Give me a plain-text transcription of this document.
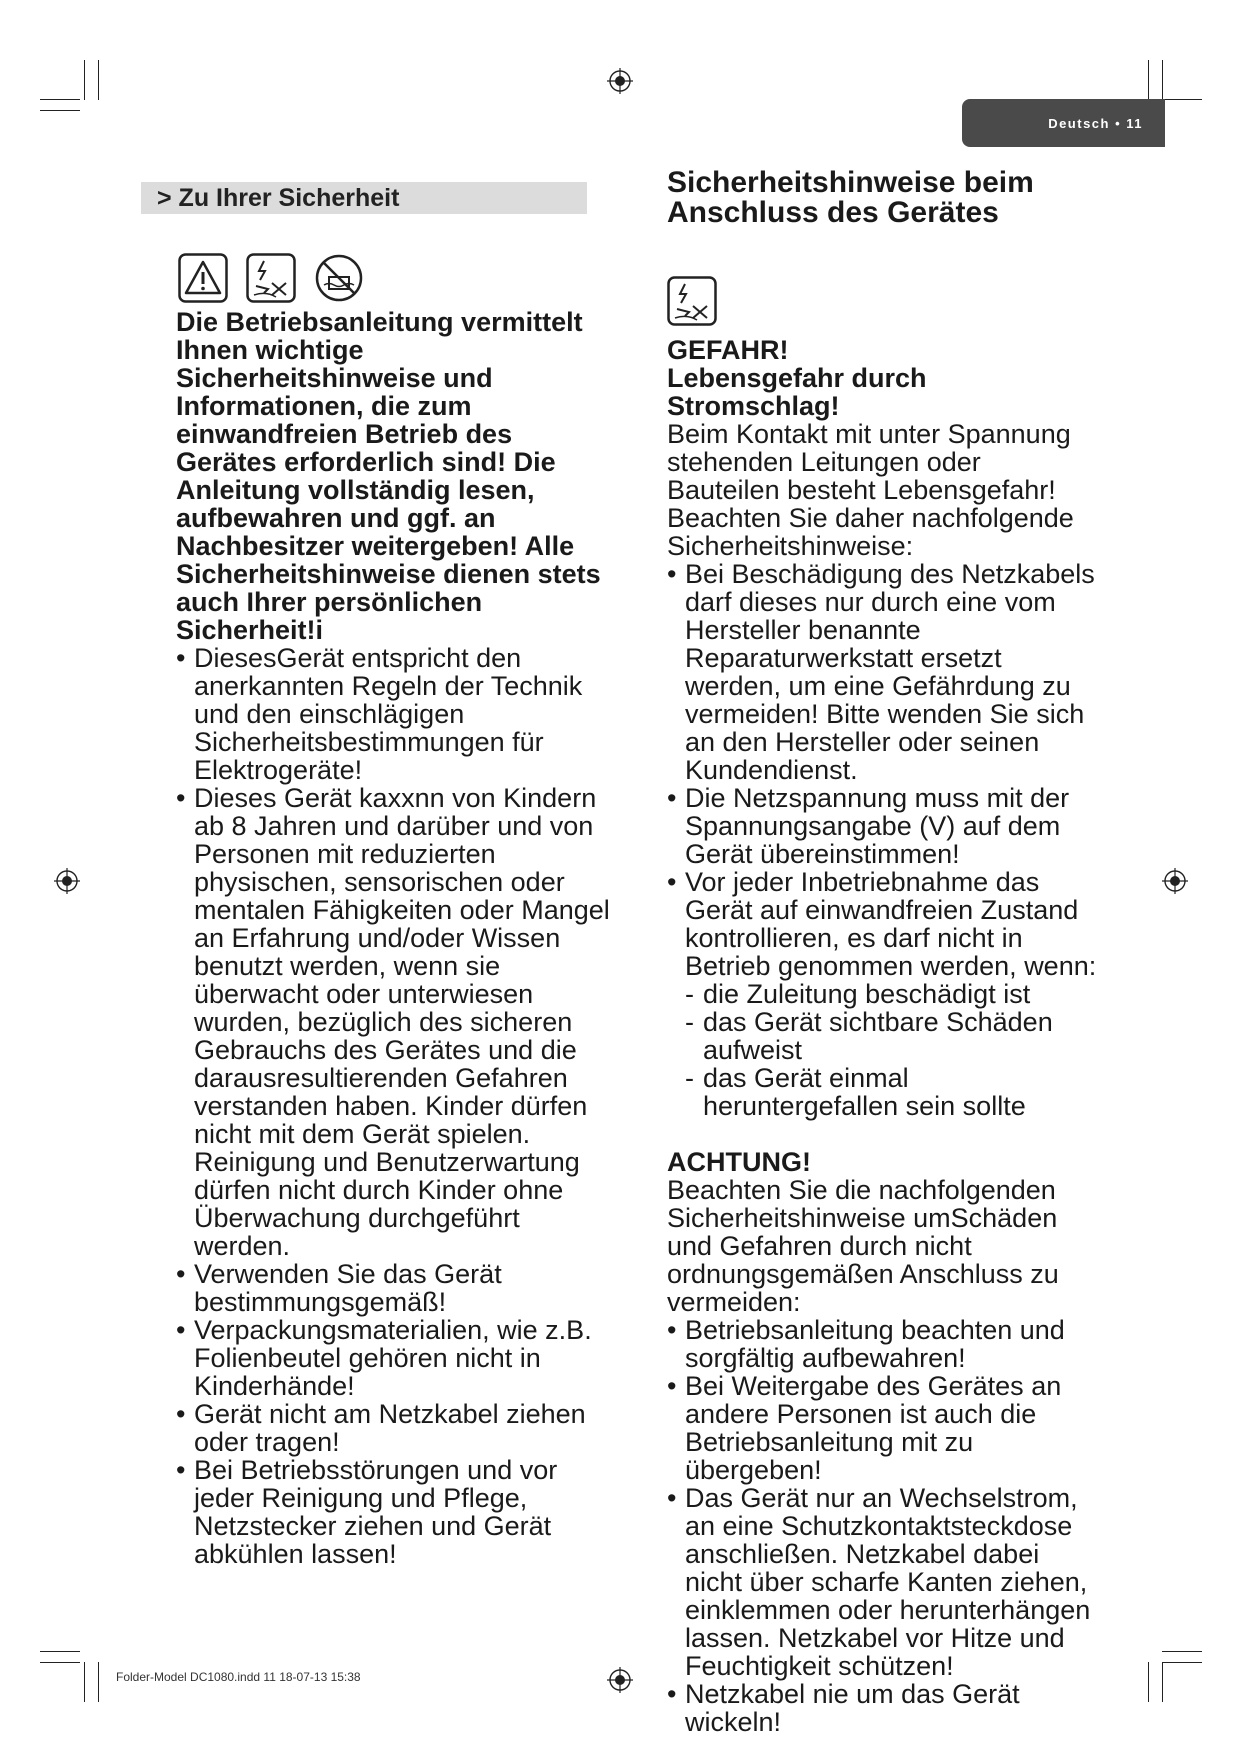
Deutsch • 11
> Zu Ihrer Sicherheit
Die Betriebsanleitung vermittelt Ihnen wichtige Sicherheitshinweise und Informationen, die zum einwandfreien Betrieb des Gerätes erforderlich sind! Die Anleitung vollständig lesen, aufbewahren und ggf. an Nachbesitzer weitergeben! Alle Sicherheitshinweise dienen stets auch Ihrer persönlichen Sicherheit!i
• DiesesGerät entspricht den anerkannten Regeln der Technik und den einschlägigen Sicherheitsbestimmungen für Elektrogeräte!
• Dieses Gerät kaxxnn von Kindern ab 8 Jahren und darüber und von Personen mit reduzierten physischen, sensorischen oder mentalen Fähigkeiten oder Mangel an Erfahrung und/oder Wissen benutzt werden, wenn sie überwacht oder unterwiesen wurden, bezüglich des sicheren Gebrauchs des Gerätes und die darausresultierenden Gefahren verstanden haben. Kinder dürfen nicht mit dem Gerät spielen. Reinigung und Benutzerwartung dürfen nicht durch Kinder ohne Überwachung durchgeführt werden.
• Verwenden Sie das Gerät bestimmungsgemäß!
• Verpackungsmaterialien, wie z.B. Folienbeutel gehören nicht in Kinderhände!
• Gerät nicht am Netzkabel ziehen oder tragen!
• Bei Betriebsstörungen und vor jeder Reinigung und Pflege, Netzstecker ziehen und Gerät abkühlen lassen!
Sicherheitshinweise beim Anschluss des Gerätes
GEFAHR!
Lebensgefahr durch Stromschlag!
Beim Kontakt mit unter Spannung stehenden Leitungen oder Bauteilen besteht Lebensgefahr! Beachten Sie daher nachfolgende Sicherheitshinweise:
• Bei Beschädigung des Netzkabels darf dieses nur durch eine vom Hersteller benannte Reparaturwerkstatt ersetzt werden, um eine Gefährdung zu vermeiden! Bitte wenden Sie sich an den Hersteller oder seinen Kundendienst.
• Die Netzspannung muss mit der Spannungsangabe (V) auf dem Gerät übereinstimmen!
• Vor jeder Inbetriebnahme das Gerät auf einwandfreien Zustand kontrollieren, es darf nicht in Betrieb genommen werden, wenn:
- die Zuleitung beschädigt ist
- das Gerät sichtbare Schäden aufweist
- das Gerät einmal heruntergefallen sein sollte
ACHTUNG!
Beachten Sie die nachfolgenden Sicherheitshinweise umSchäden und Gefahren durch nicht ordnungsgemäßen Anschluss zu vermeiden:
• Betriebsanleitung beachten und sorgfältig aufbewahren!
• Bei Weitergabe des Gerätes an andere Personen ist auch die Betriebsanleitung mit zu übergeben!
• Das Gerät nur an Wechselstrom, an eine Schutzkontaktsteckdose anschließen. Netzkabel dabei nicht über scharfe Kanten ziehen, einklemmen oder herunterhängen lassen. Netzkabel vor Hitze und Feuchtigkeit schützen!
• Netzkabel nie um das Gerät wickeln!
Folder-Model DC1080.indd 11 18-07-13 15:38
